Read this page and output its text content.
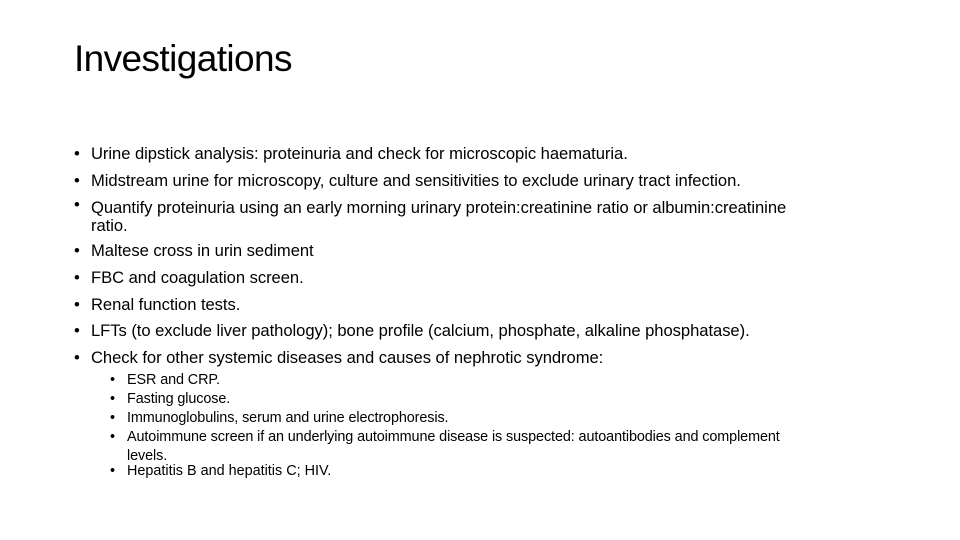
Investigations
• Urine dipstick analysis: proteinuria and check for microscopic haematuria.
• Midstream urine for microscopy, culture and sensitivities to exclude urinary tract infection.
• Quantify proteinuria using an early morning urinary protein:creatinine ratio or albumin:creatinine
ratio.
• Maltese cross in urin sediment
• FBC and coagulation screen.
• Renal function tests.
• LFTs (to exclude liver pathology); bone profile (calcium, phosphate, alkaline phosphatase).
• Check for other systemic diseases and causes of nephrotic syndrome:
• ESR and CRP.
• Fasting glucose.
• Immunoglobulins, serum and urine electrophoresis.
• Autoimmune screen if an underlying autoimmune disease is suspected: autoantibodies and complement
levels.
• Hepatitis B and hepatitis C; HIV.
